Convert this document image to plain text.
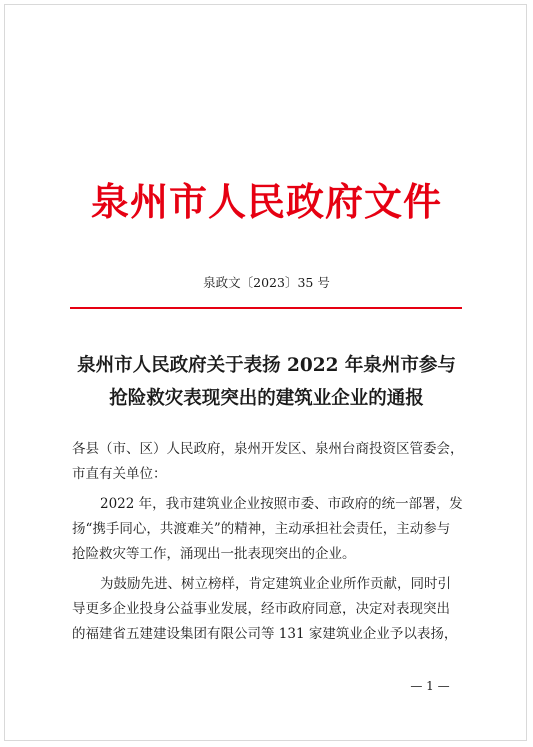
泉州市人民政府文件
泉政文〔2023〕35 号
泉州市人民政府关于表扬 2022 年泉州市参与
抢险救灾表现突出的建筑业企业的通报
各县（市、区）人民政府，泉州开发区、泉州台商投资区管委会，
市直有关单位：
2022 年，我市建筑业企业按照市委、市政府的统一部署，发
扬“携手同心，共渡难关”的精神，主动承担社会责任，主动参与
抢险救灾等工作，涌现出一批表现突出的企业。
为鼓励先进、树立榜样，肯定建筑业企业所作贡献，同时引
导更多企业投身公益事业发展，经市政府同意，决定对表现突出
的福建省五建建设集团有限公司等 131 家建筑业企业予以表扬，
— 1 —
